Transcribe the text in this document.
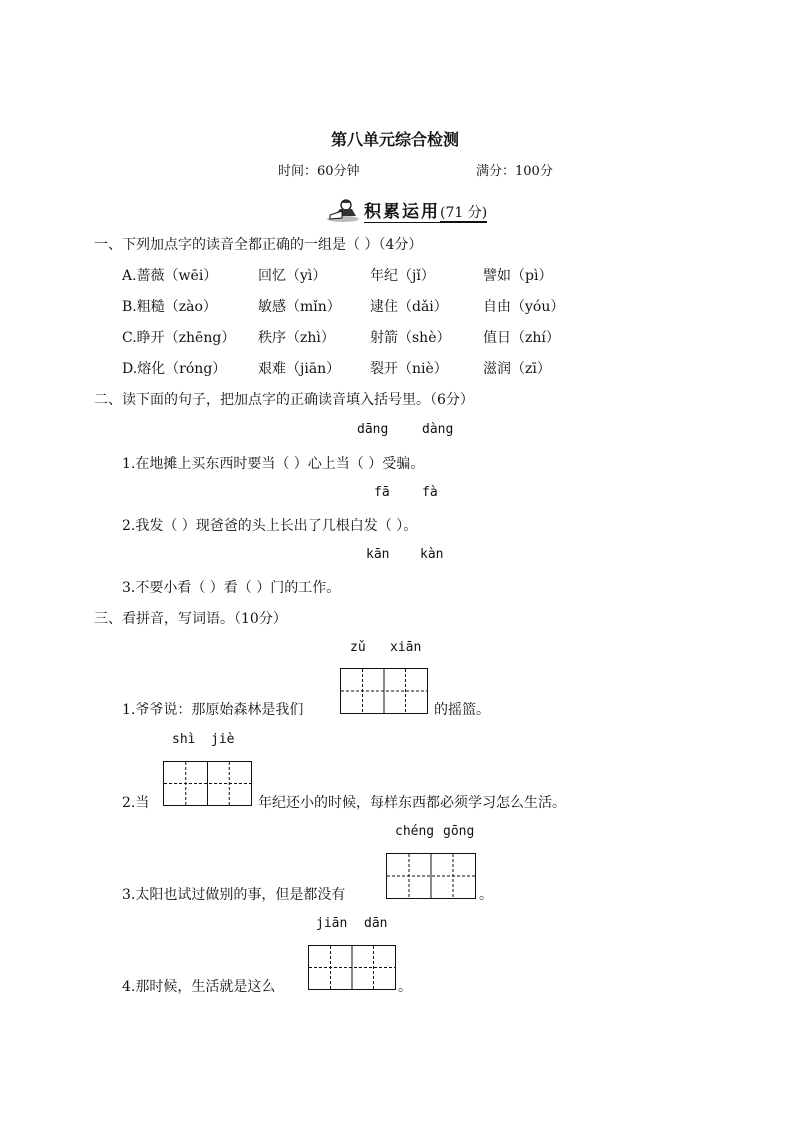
第八单元综合检测
时间：60分钟	满分：100分
积累运用(71 分)
一、下列加点字的读音全都正确的一组是（ ）（4分）
A.蔷薇（wēi）	回忆（yì）	年纪（jǐ）	譬如（pì）
B.粗糙（zào）	敏感（mǐn） 逮住（dǎi）	自由（yóu）
C.睁开（zhēng） 秩序（zhì）	射箭（shè） 值日（zhí）
D.熔化（róng） 艰难（jiān） 裂开（niè）	滋润（zī）
二、读下面的句子，把加点字的正确读音填入括号里。（6分）
dāng	dàng
1.在地摊上买东西时要当（ ）心上当（ ）受骗。
fā fà
2.我发（ ）现爸爸的头上长出了几根白发（ ）。
kān kàn
3.不要小看（ ）看（ ）门的工作。
三、看拼音，写词语。（10分）
zǔ xiān
1.爷爷说：那原始森林是我们	的摇篮。
shì jiè
2.当	年纪还小的时候，每样东西都必须学习怎么生活。
chéng gōng
3.太阳也试过做别的事，但是都没有	。
jiān dān
4.那时候，生活就是这么	。
